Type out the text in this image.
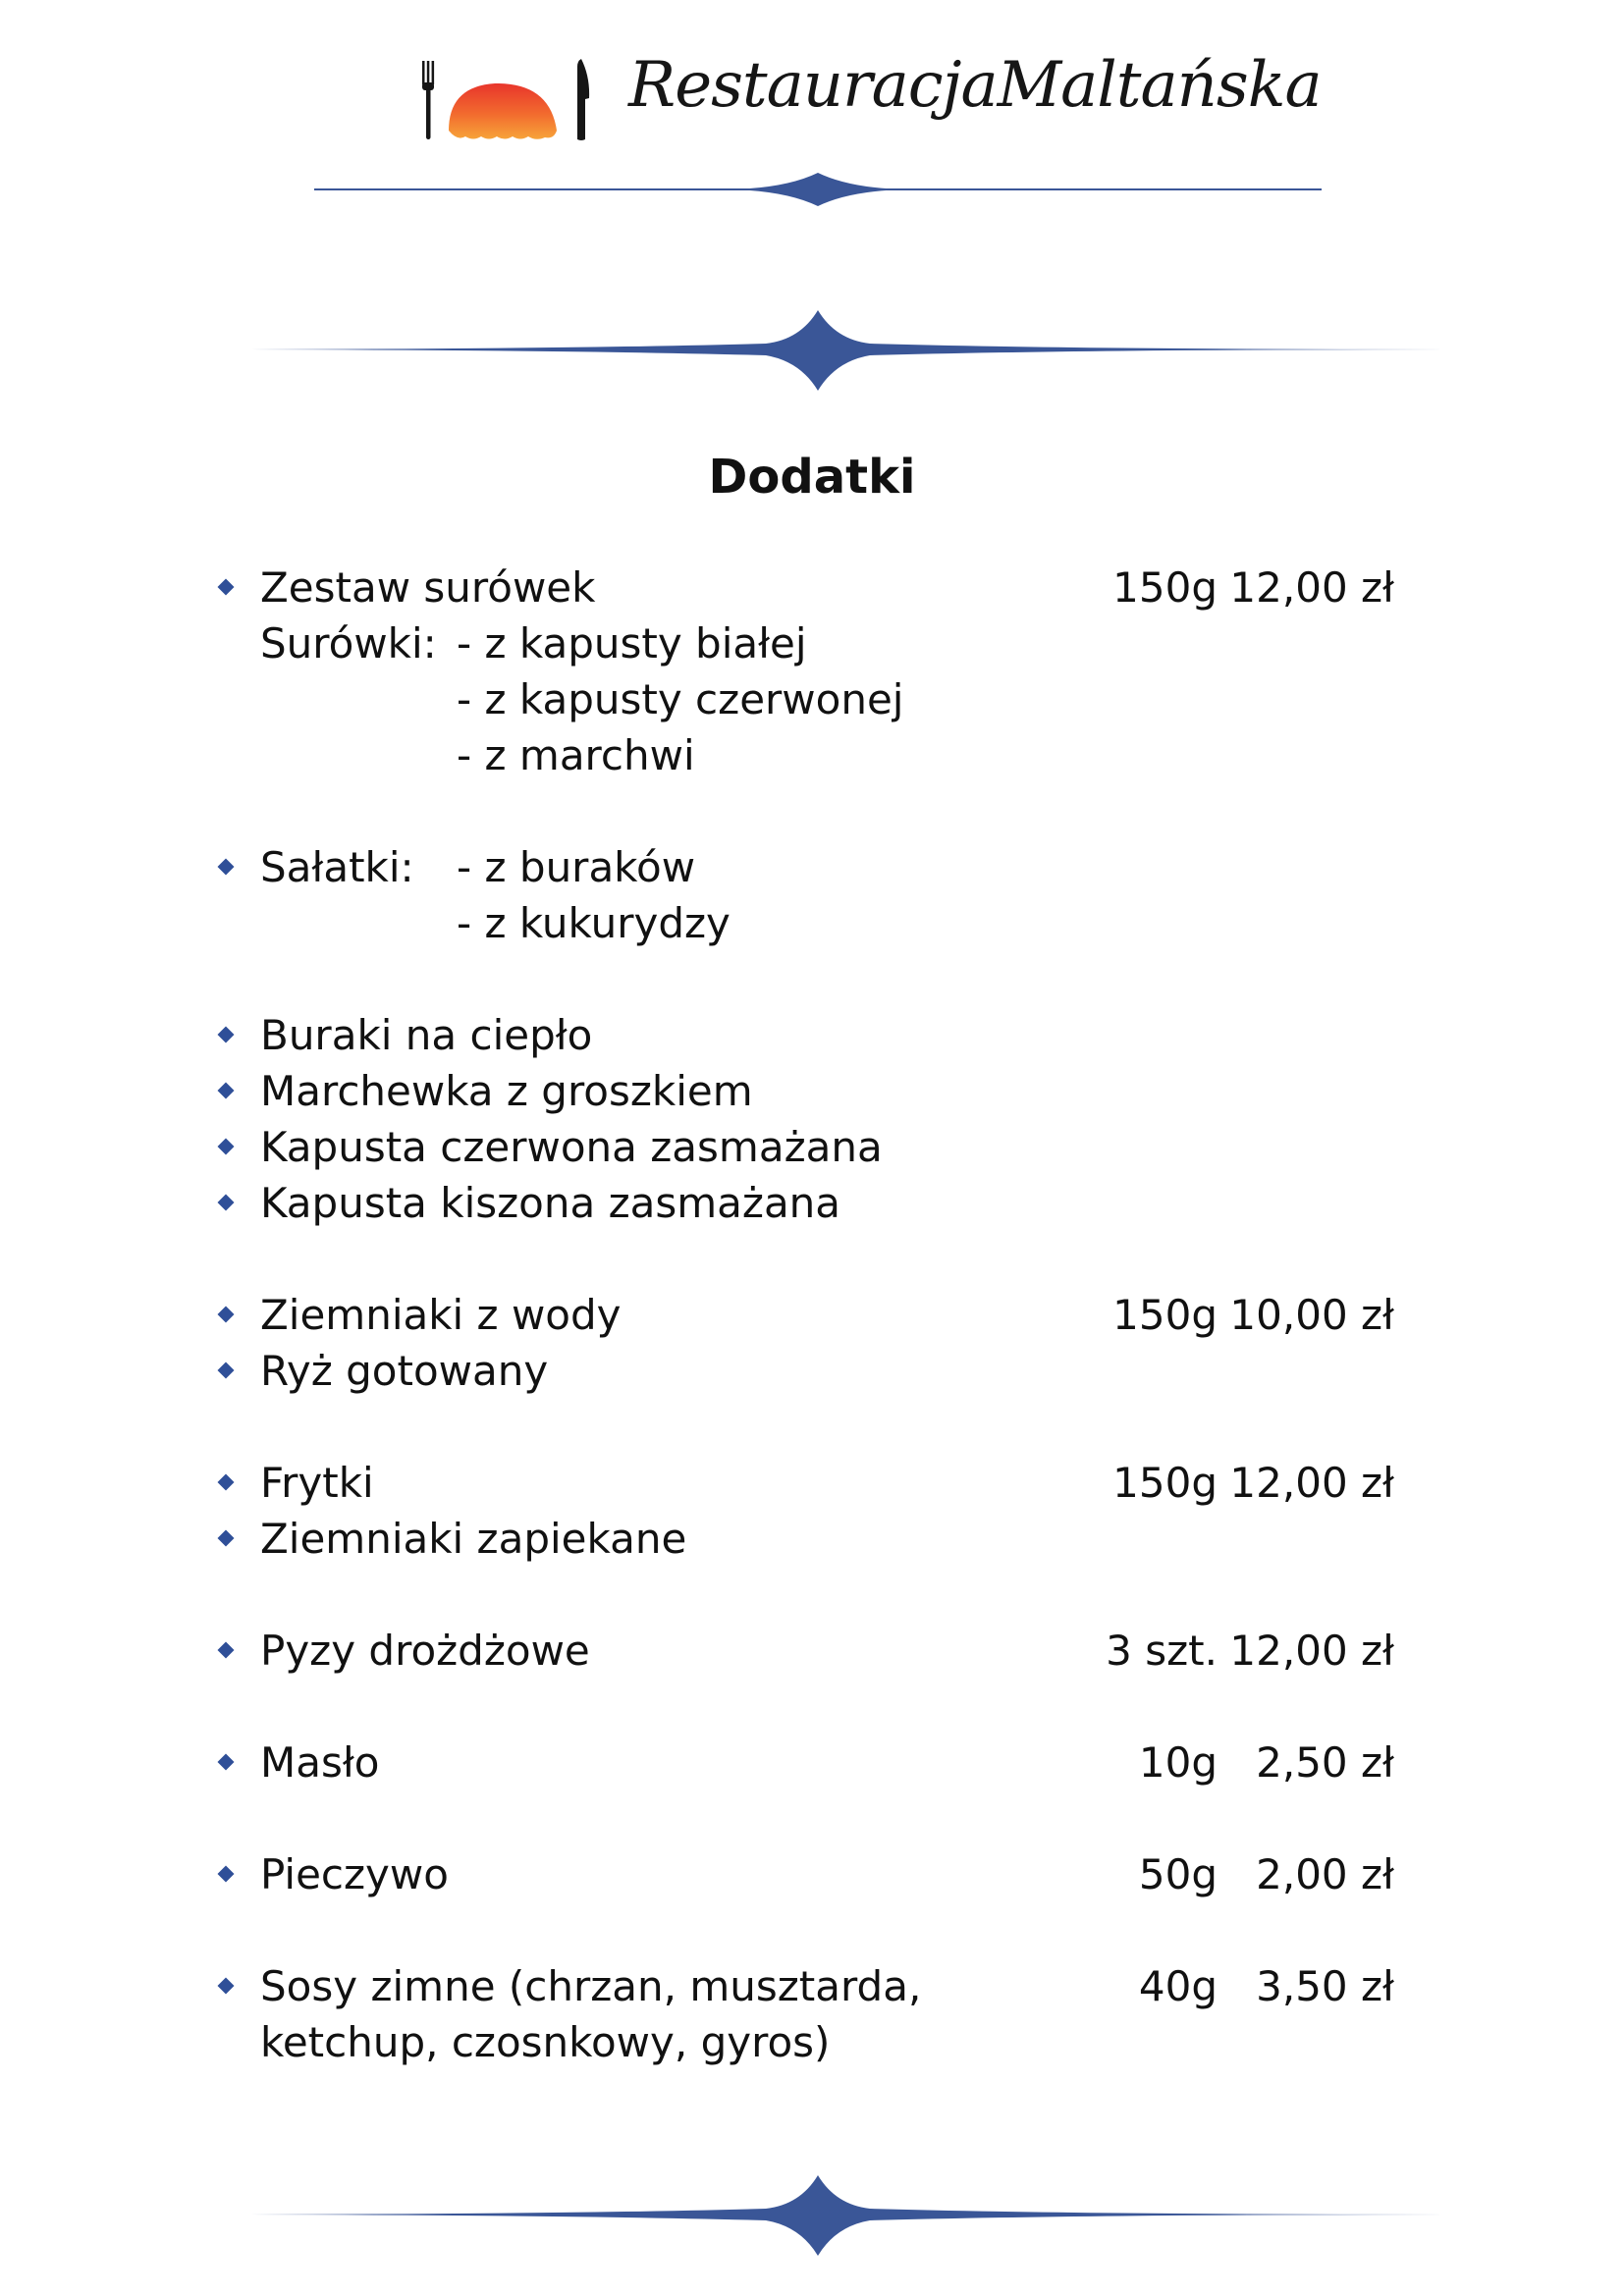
RestauracjaMaltańska
Dodatki
Zestaw surówek	150g 12,00 zł
Surówki: - z kapusty białej
- z kapusty czerwonej
- z marchwi
Sałatki: - z buraków
- z kukurydzy
Buraki na ciepło
Marchewka z groszkiem
Kapusta czerwona zasmażana
Kapusta kiszona zasmażana
Ziemniaki z wody	150g 10,00 zł
Ryż gotowany
Frytki	150g 12,00 zł
Ziemniaki zapiekane
Pyzy drożdżowe	3 szt. 12,00 zł
Masło	10g 2,50 zł
Pieczywo	50g 2,00 zł
Sosy zimne (chrzan, musztarda,	40g 3,50 zł
ketchup, czosnkowy, gyros)
